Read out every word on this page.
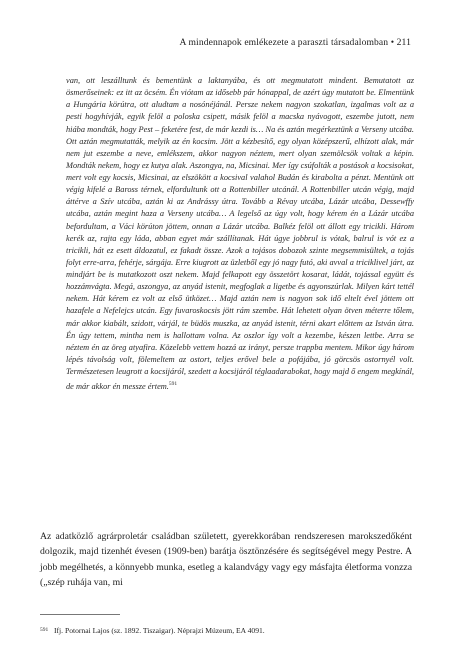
A mindennapok emlékezete a paraszti társadalomban • 211
van, ott leszálltunk és bementünk a laktanyába, és ott megmutatott mindent. Bemutatott az ösmerőseinek: ez itt az öcsém. Én viótam az idősebb pár hónappal, de azért úgy mutatott be. Elmentünk a Hungária körútra, ott aludtam a nosónéjánál. Persze nekem nagyon szokatlan, izgalmas volt az a pesti hogyhívják, egyik felöl a poloska csipett, másik felöl a macska nyávogott, eszembe jutott, nem hiába mondták, hogy Pest – feketére fest, de már kezdi is… Na és aztán megérkeztünk a Verseny utcába. Ott aztán megmutatták, melyik az én kocsim. Jött a kézbesítő, egy olyan középszerű, elhízott alak, már nem jut eszembe a neve, emlékszem, akkor nagyon néztem, mert olyan szemölcsök voltak a képin. Mondták nekem, hogy ez kutya alak. Aszongya, na, Micsinai. Mer így csúfolták a postások a kocsisokat, mert volt egy kocsis, Micsinai, az elszökött a kocsival valahol Budán és kirabolta a pénzt. Mentünk ott végig kifelé a Baross térnek, elfordultunk ott a Rottenbiller utcánál. A Rottenbiller utcán végig, majd áttérve a Szív utcába, aztán ki az Andrássy útra. Tovább a Révay utcába, Lázár utcába, Dessewffy utcába, aztán megint haza a Verseny utcába… A legelső az úgy volt, hogy kérem én a Lázár utcába befordultam, a Váci körúton jöttem, onnan a Lázár utcába. Balkéz felöl ott állott egy tricikli. Három kerék az, rajta egy láda, abban egyet már szállítanak. Hát úgye jobbrul is vótak, balrul is vót ez a tricikli, hát ez esett áldozatul, ez fakadt össze. Azok a tojásos dobozok szinte megsemmisültek, a tojás folyt erre-arra, fehérje, sárgája. Erre kiugrott az üzletből egy jó nagy futó, aki avval a triciklivel járt, az mindjárt be is mutatkozott oszt nekem. Majd felkapott egy összetört kosarat, ládát, tojással együtt és hozzámvágta. Megá, aszongya, az anyád istenit, megfoglak a ligetbe és agyonszúrlak. Milyen kárt tettél nekem. Hát kérem ez volt az első ütközet… Majd aztán nem is nagyon sok idő eltelt ével jöttem ott hazafele a Nefelejcs utcán. Egy fuvaroskocsis jött rám szembe. Hát lehetett olyan ötven méterre tőlem, már akkor kiabált, szidott, várjál, te büdös muszka, az anyád istenit, térni akart előttem az István útra. Én úgy tettem, mintha nem is hallottam volna. Az oszlor így volt a kezembe, készen lettbe. Arra se néztem én az öreg atyafira. Közelebb vettem hozzá az irányt, persze trappba mentem. Mikor úgy három lépés távolság volt, fölemeltem az ostort, teljes erővel bele a pofájába, jó görcsös ostornyél volt. Természetesen leugrott a kocsijáról, szedett a kocsijáról téglaadarabokat, hogy majd ő engem megkínál, de már akkor én messze értem.$^{591}$
Az adatközlő agrárproletár családban született, gyerekkorában rendszeresen marokszedőként dolgozik, majd tizenhét évesen (1909-ben) barátja ösztönzésére és segítségével megy Pestre. A jobb megélhetés, a könnyebb munka, esetleg a kalandvágy vagy egy másfajta életforma vonzza („szép ruhája van, mi
591 Ifj. Potornai Lajos (sz. 1892. Tiszaigar). Néprajzi Múzeum, EA 4091.
